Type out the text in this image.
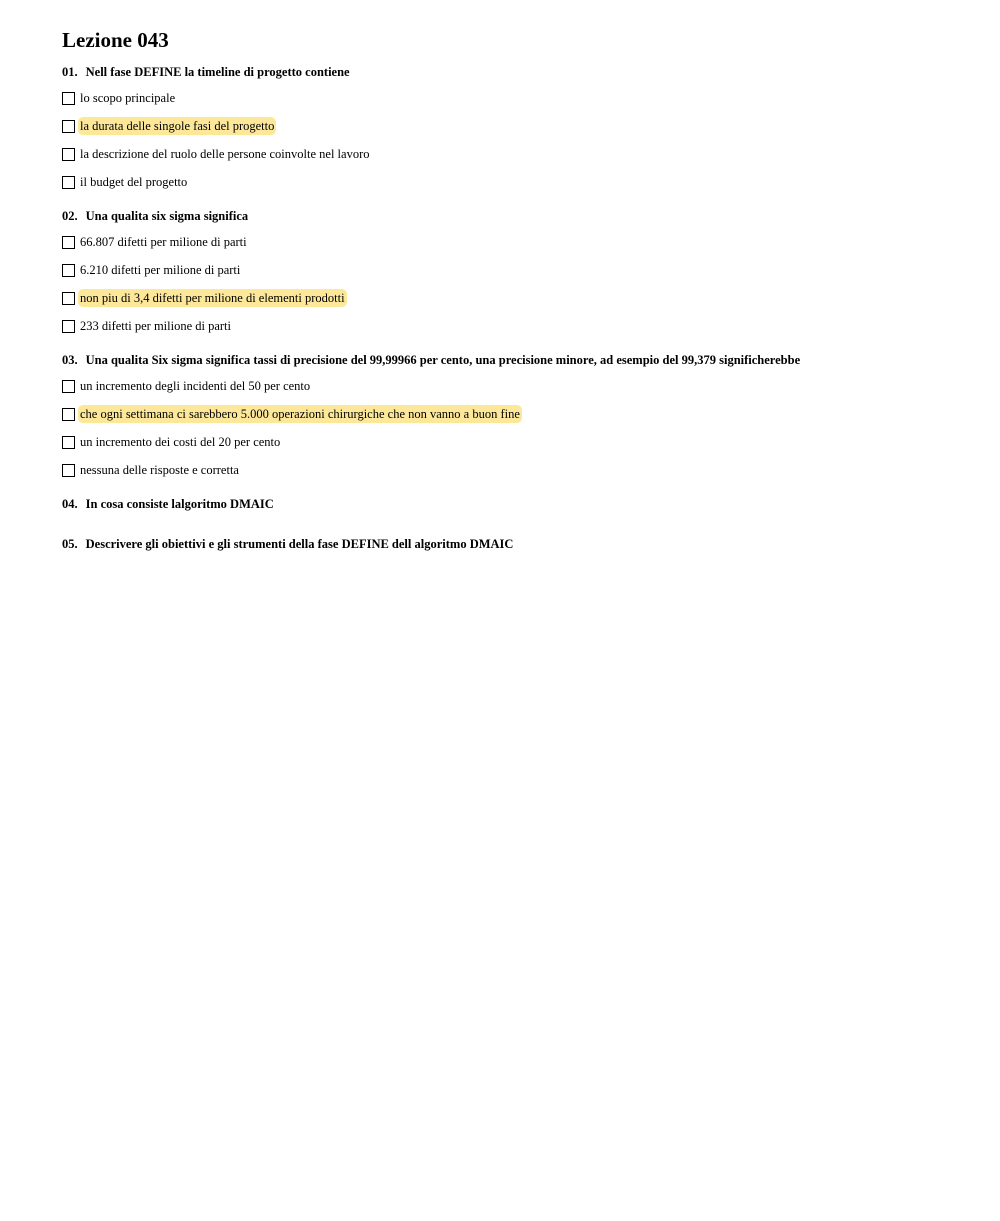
Lezione 043
01. Nell fase DEFINE la timeline di progetto contiene
lo scopo principale
la durata delle singole fasi del progetto
la descrizione del ruolo delle persone coinvolte nel lavoro
il budget del progetto
02. Una qualita six sigma significa
66.807 difetti per milione di parti
6.210 difetti per milione di parti
non piu di 3,4 difetti per milione di elementi prodotti
233 difetti per milione di parti
03. Una qualita Six sigma significa tassi di precisione del 99,99966 per cento, una precisione minore, ad esempio del 99,379 significherebbe
un incremento degli incidenti del 50 per cento
che ogni settimana ci sarebbero 5.000 operazioni chirurgiche che non vanno a buon fine
un incremento dei costi del 20 per cento
nessuna delle risposte e corretta
04. In cosa consiste lalgoritmo DMAIC
05. Descrivere gli obiettivi e gli strumenti della fase DEFINE dell algoritmo DMAIC
